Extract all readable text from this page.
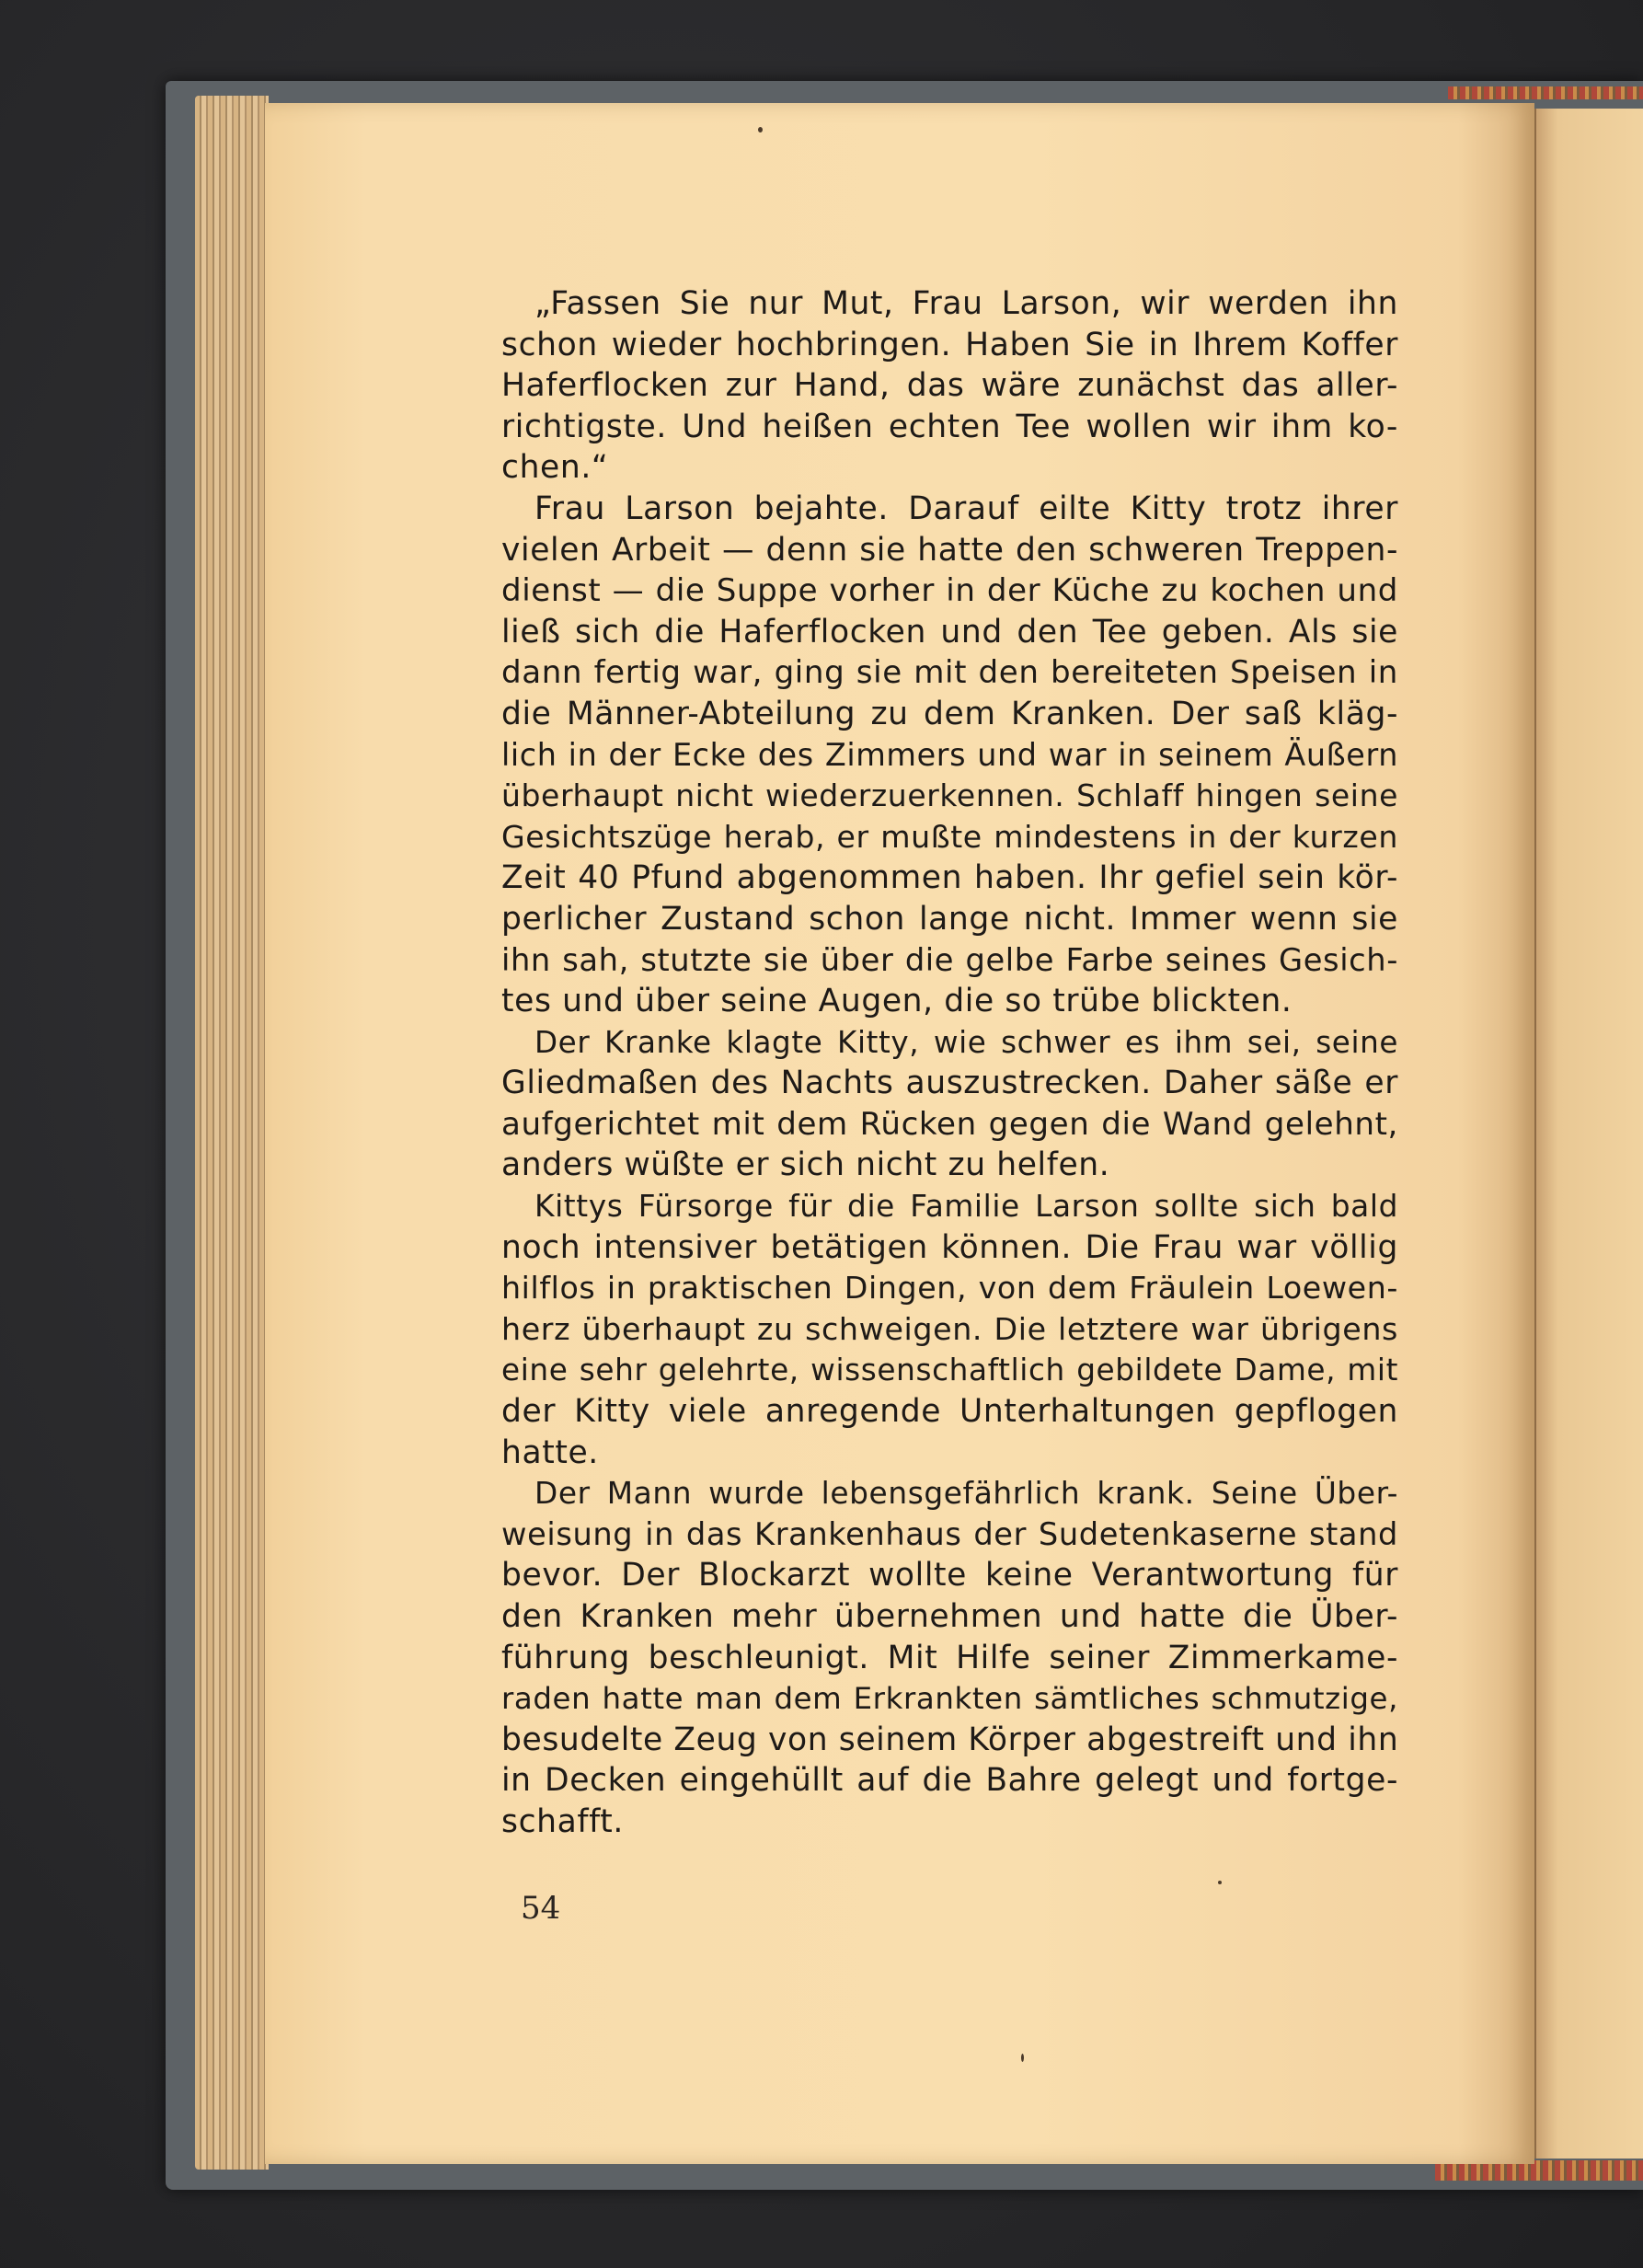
„Fassen Sie nur Mut, Frau Larson, wir werden ihn
schon wieder hochbringen. Haben Sie in Ihrem Koffer
Haferflocken zur Hand, das wäre zunächst das aller-
richtigste. Und heißen echten Tee wollen wir ihm ko-
chen.“
Frau Larson bejahte. Darauf eilte Kitty trotz ihrer
vielen Arbeit — denn sie hatte den schweren Treppen-
dienst — die Suppe vorher in der Küche zu kochen und
ließ sich die Haferflocken und den Tee geben. Als sie
dann fertig war, ging sie mit den bereiteten Speisen in
die Männer-Abteilung zu dem Kranken. Der saß kläg-
lich in der Ecke des Zimmers und war in seinem Äußern
überhaupt nicht wiederzuerkennen. Schlaff hingen seine
Gesichtszüge herab, er mußte mindestens in der kurzen
Zeit 40 Pfund abgenommen haben. Ihr gefiel sein kör-
perlicher Zustand schon lange nicht. Immer wenn sie
ihn sah, stutzte sie über die gelbe Farbe seines Gesich-
tes und über seine Augen, die so trübe blickten.
Der Kranke klagte Kitty, wie schwer es ihm sei, seine
Gliedmaßen des Nachts auszustrecken. Daher säße er
aufgerichtet mit dem Rücken gegen die Wand gelehnt,
anders wüßte er sich nicht zu helfen.
Kittys Fürsorge für die Familie Larson sollte sich bald
noch intensiver betätigen können. Die Frau war völlig
hilflos in praktischen Dingen, von dem Fräulein Loewen-
herz überhaupt zu schweigen. Die letztere war übrigens
eine sehr gelehrte, wissenschaftlich gebildete Dame, mit
der Kitty viele anregende Unterhaltungen gepflogen
hatte.
Der Mann wurde lebensgefährlich krank. Seine Über-
weisung in das Krankenhaus der Sudetenkaserne stand
bevor. Der Blockarzt wollte keine Verantwortung für
den Kranken mehr übernehmen und hatte die Über-
führung beschleunigt. Mit Hilfe seiner Zimmerkame-
raden hatte man dem Erkrankten sämtliches schmutzige,
besudelte Zeug von seinem Körper abgestreift und ihn
in Decken eingehüllt auf die Bahre gelegt und fortge-
schafft.
54
